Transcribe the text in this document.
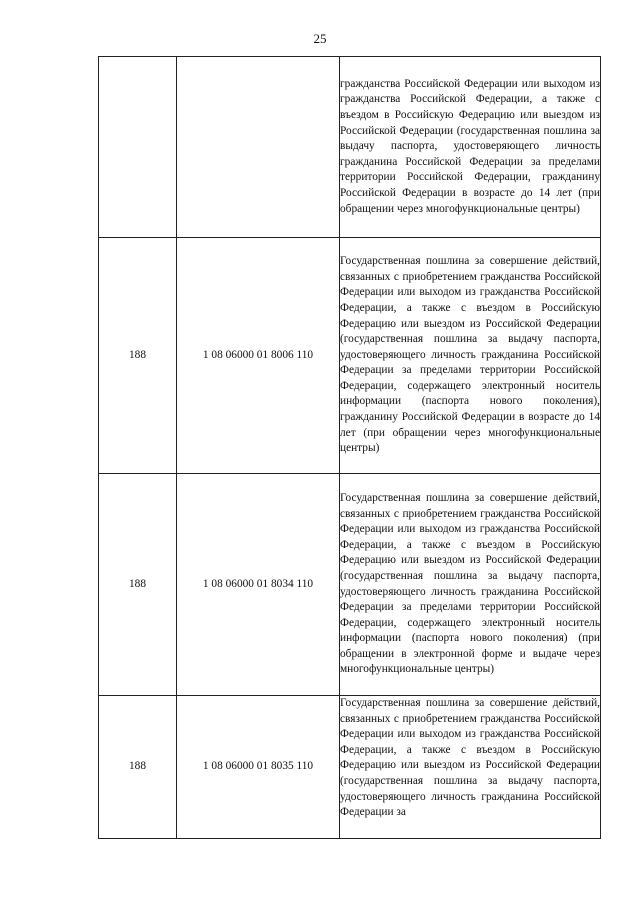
25

		гражданства Российской Федерации или выходом из гражданства Российской Федерации, а также с въездом в Российскую Федерацию или выездом из Российской Федерации (государственная пошлина за выдачу паспорта, удостоверяющего личность гражданина Российской Федерации за пределами территории Российской Федерации, гражданину Российской Федерации в возрасте до 14 лет (при обращении через многофункциональные центры)

188	1 08 06000 01 8006 110	Государственная пошлина за совершение действий, связанных с приобретением гражданства Российской Федерации или выходом из гражданства Российской Федерации, а также с въездом в Российскую Федерацию или выездом из Российской Федерации (государственная пошлина за выдачу паспорта, удостоверяющего личность гражданина Российской Федерации за пределами территории Российской Федерации, содержащего электронный носитель информации (паспорта нового поколения), гражданину Российской Федерации в возрасте до 14 лет (при обращении через многофункциональные центры)

188	1 08 06000 01 8034 110	Государственная пошлина за совершение действий, связанных с приобретением гражданства Российской Федерации или выходом из гражданства Российской Федерации, а также с въездом в Российскую Федерацию или выездом из Российской Федерации (государственная пошлина за выдачу паспорта, удостоверяющего личность гражданина Российской Федерации за пределами территории Российской Федерации, содержащего электронный носитель информации (паспорта нового поколения) (при обращении в электронной форме и выдаче через многофункциональные центры)

188	1 08 06000 01 8035 110	Государственная пошлина за совершение действий, связанных с приобретением гражданства Российской Федерации или выходом из гражданства Российской Федерации, а также с въездом в Российскую Федерацию или выездом из Российской Федерации (государственная пошлина за выдачу паспорта, удостоверяющего личность гражданина Российской Федерации за
